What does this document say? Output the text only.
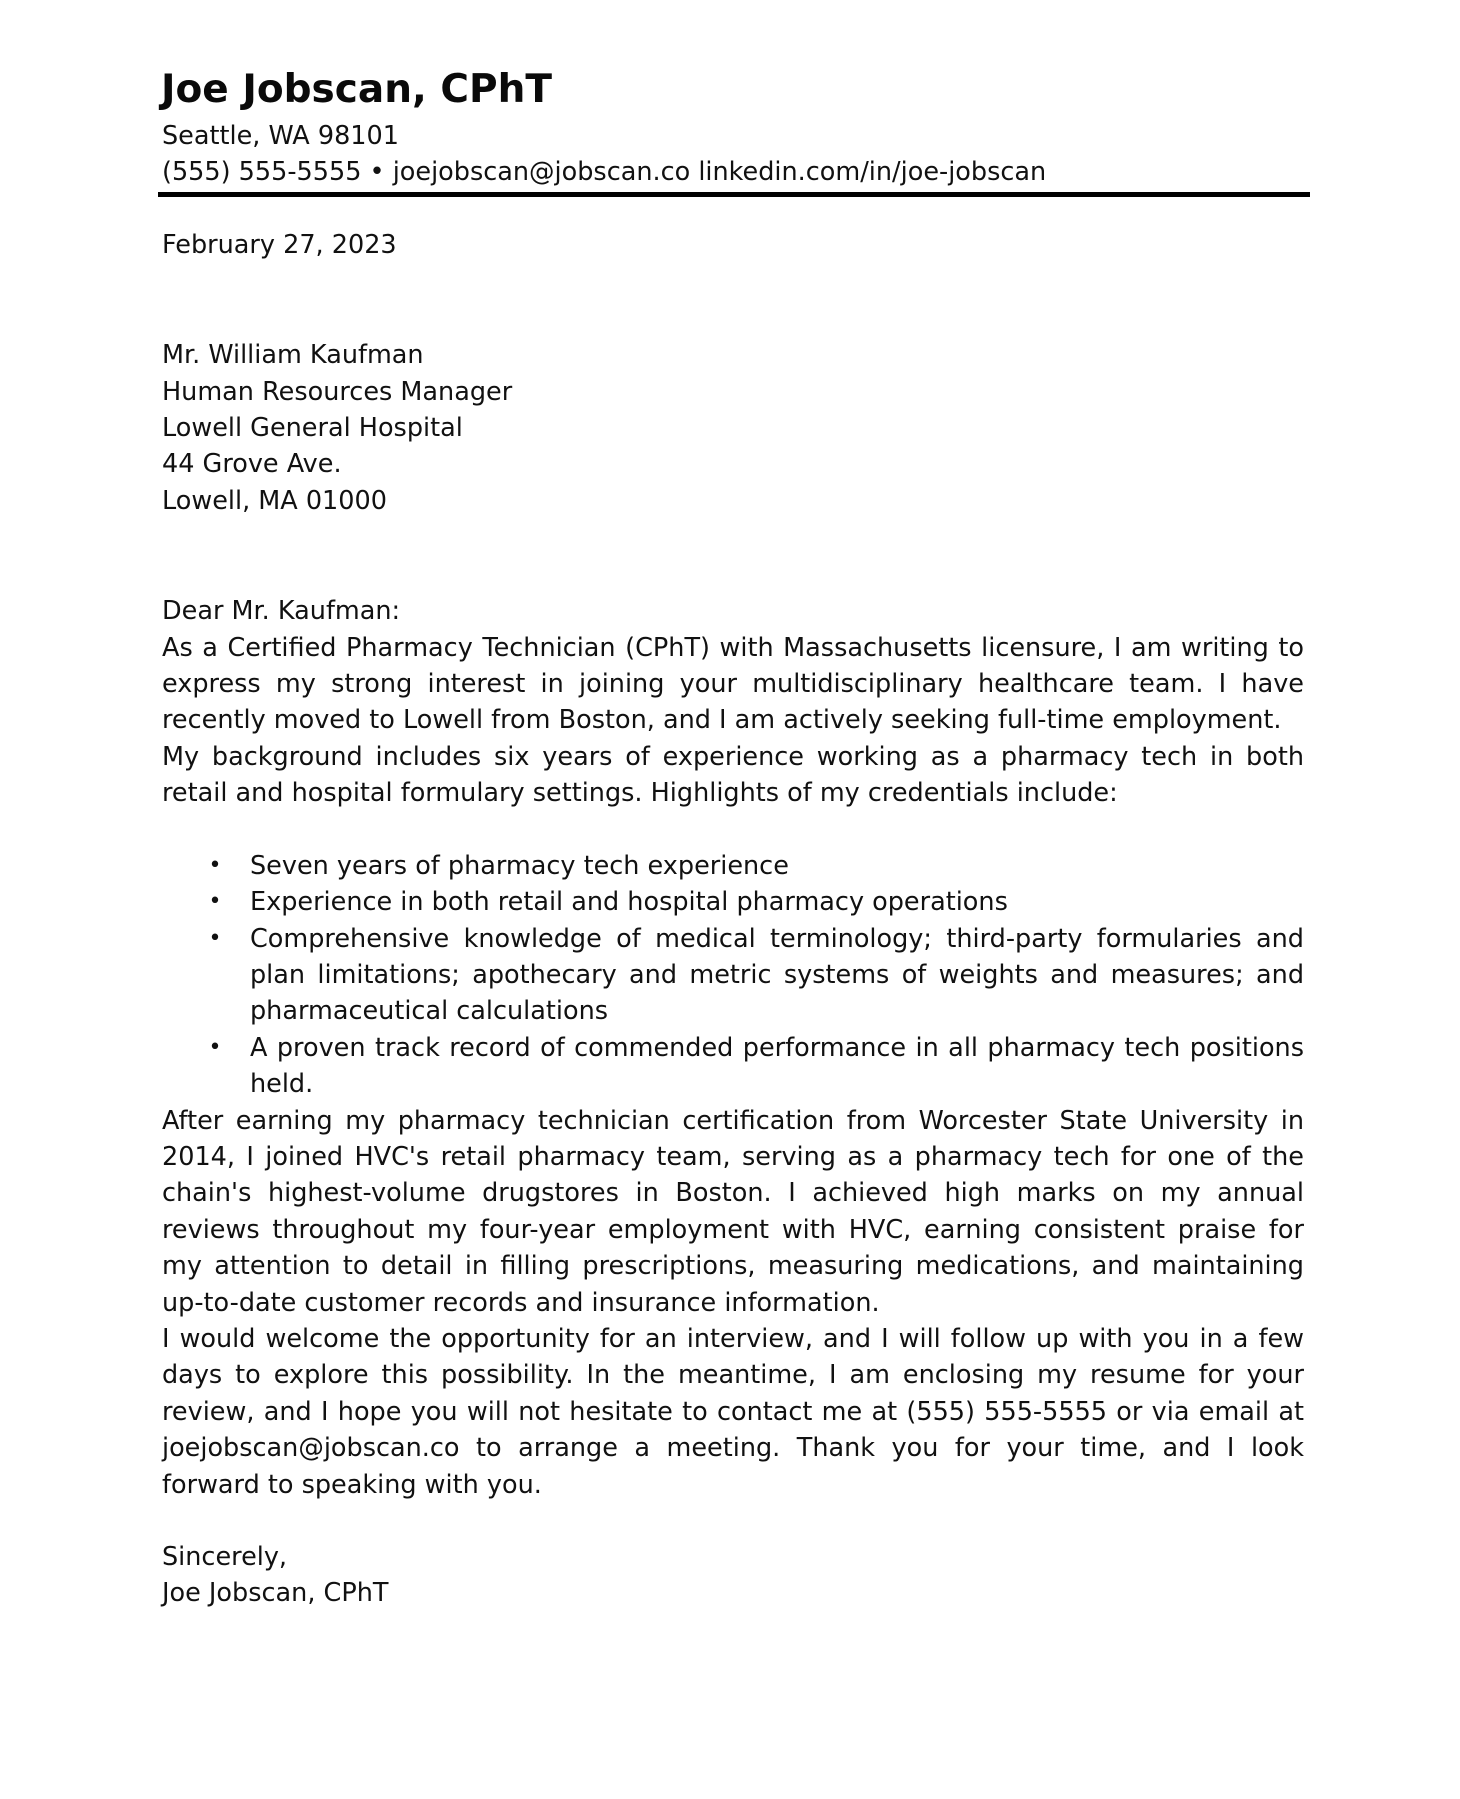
Joe Jobscan, CPhT
Seattle, WA 98101
(555) 555-5555 • joejobscan@jobscan.co linkedin.com/in/joe-jobscan
February 27, 2023
Mr. William Kaufman
Human Resources Manager
Lowell General Hospital
44 Grove Ave.
Lowell, MA 01000
Dear Mr. Kaufman:

As a Certified Pharmacy Technician (CPhT) with Massachusetts licensure, I am writing to express my strong interest in joining your multidisciplinary healthcare team. I have recently moved to Lowell from Boston, and I am actively seeking full-time employment.

My background includes six years of experience working as a pharmacy tech in both retail and hospital formulary settings. Highlights of my credentials include:

• Seven years of pharmacy tech experience
• Experience in both retail and hospital pharmacy operations
• Comprehensive knowledge of medical terminology; third-party formularies and plan limitations; apothecary and metric systems of weights and measures; and pharmaceutical calculations
• A proven track record of commended performance in all pharmacy tech positions held.

After earning my pharmacy technician certification from Worcester State University in 2014, I joined HVC's retail pharmacy team, serving as a pharmacy tech for one of the chain's highest-volume drugstores in Boston. I achieved high marks on my annual reviews throughout my four-year employment with HVC, earning consistent praise for my attention to detail in filling prescriptions, measuring medications, and maintaining up-to-date customer records and insurance information.

I would welcome the opportunity for an interview, and I will follow up with you in a few days to explore this possibility. In the meantime, I am enclosing my resume for your review, and I hope you will not hesitate to contact me at (555) 555-5555 or via email at joejobscan@jobscan.co to arrange a meeting. Thank you for your time, and I look forward to speaking with you.

Sincerely,
Joe Jobscan, CPhT
